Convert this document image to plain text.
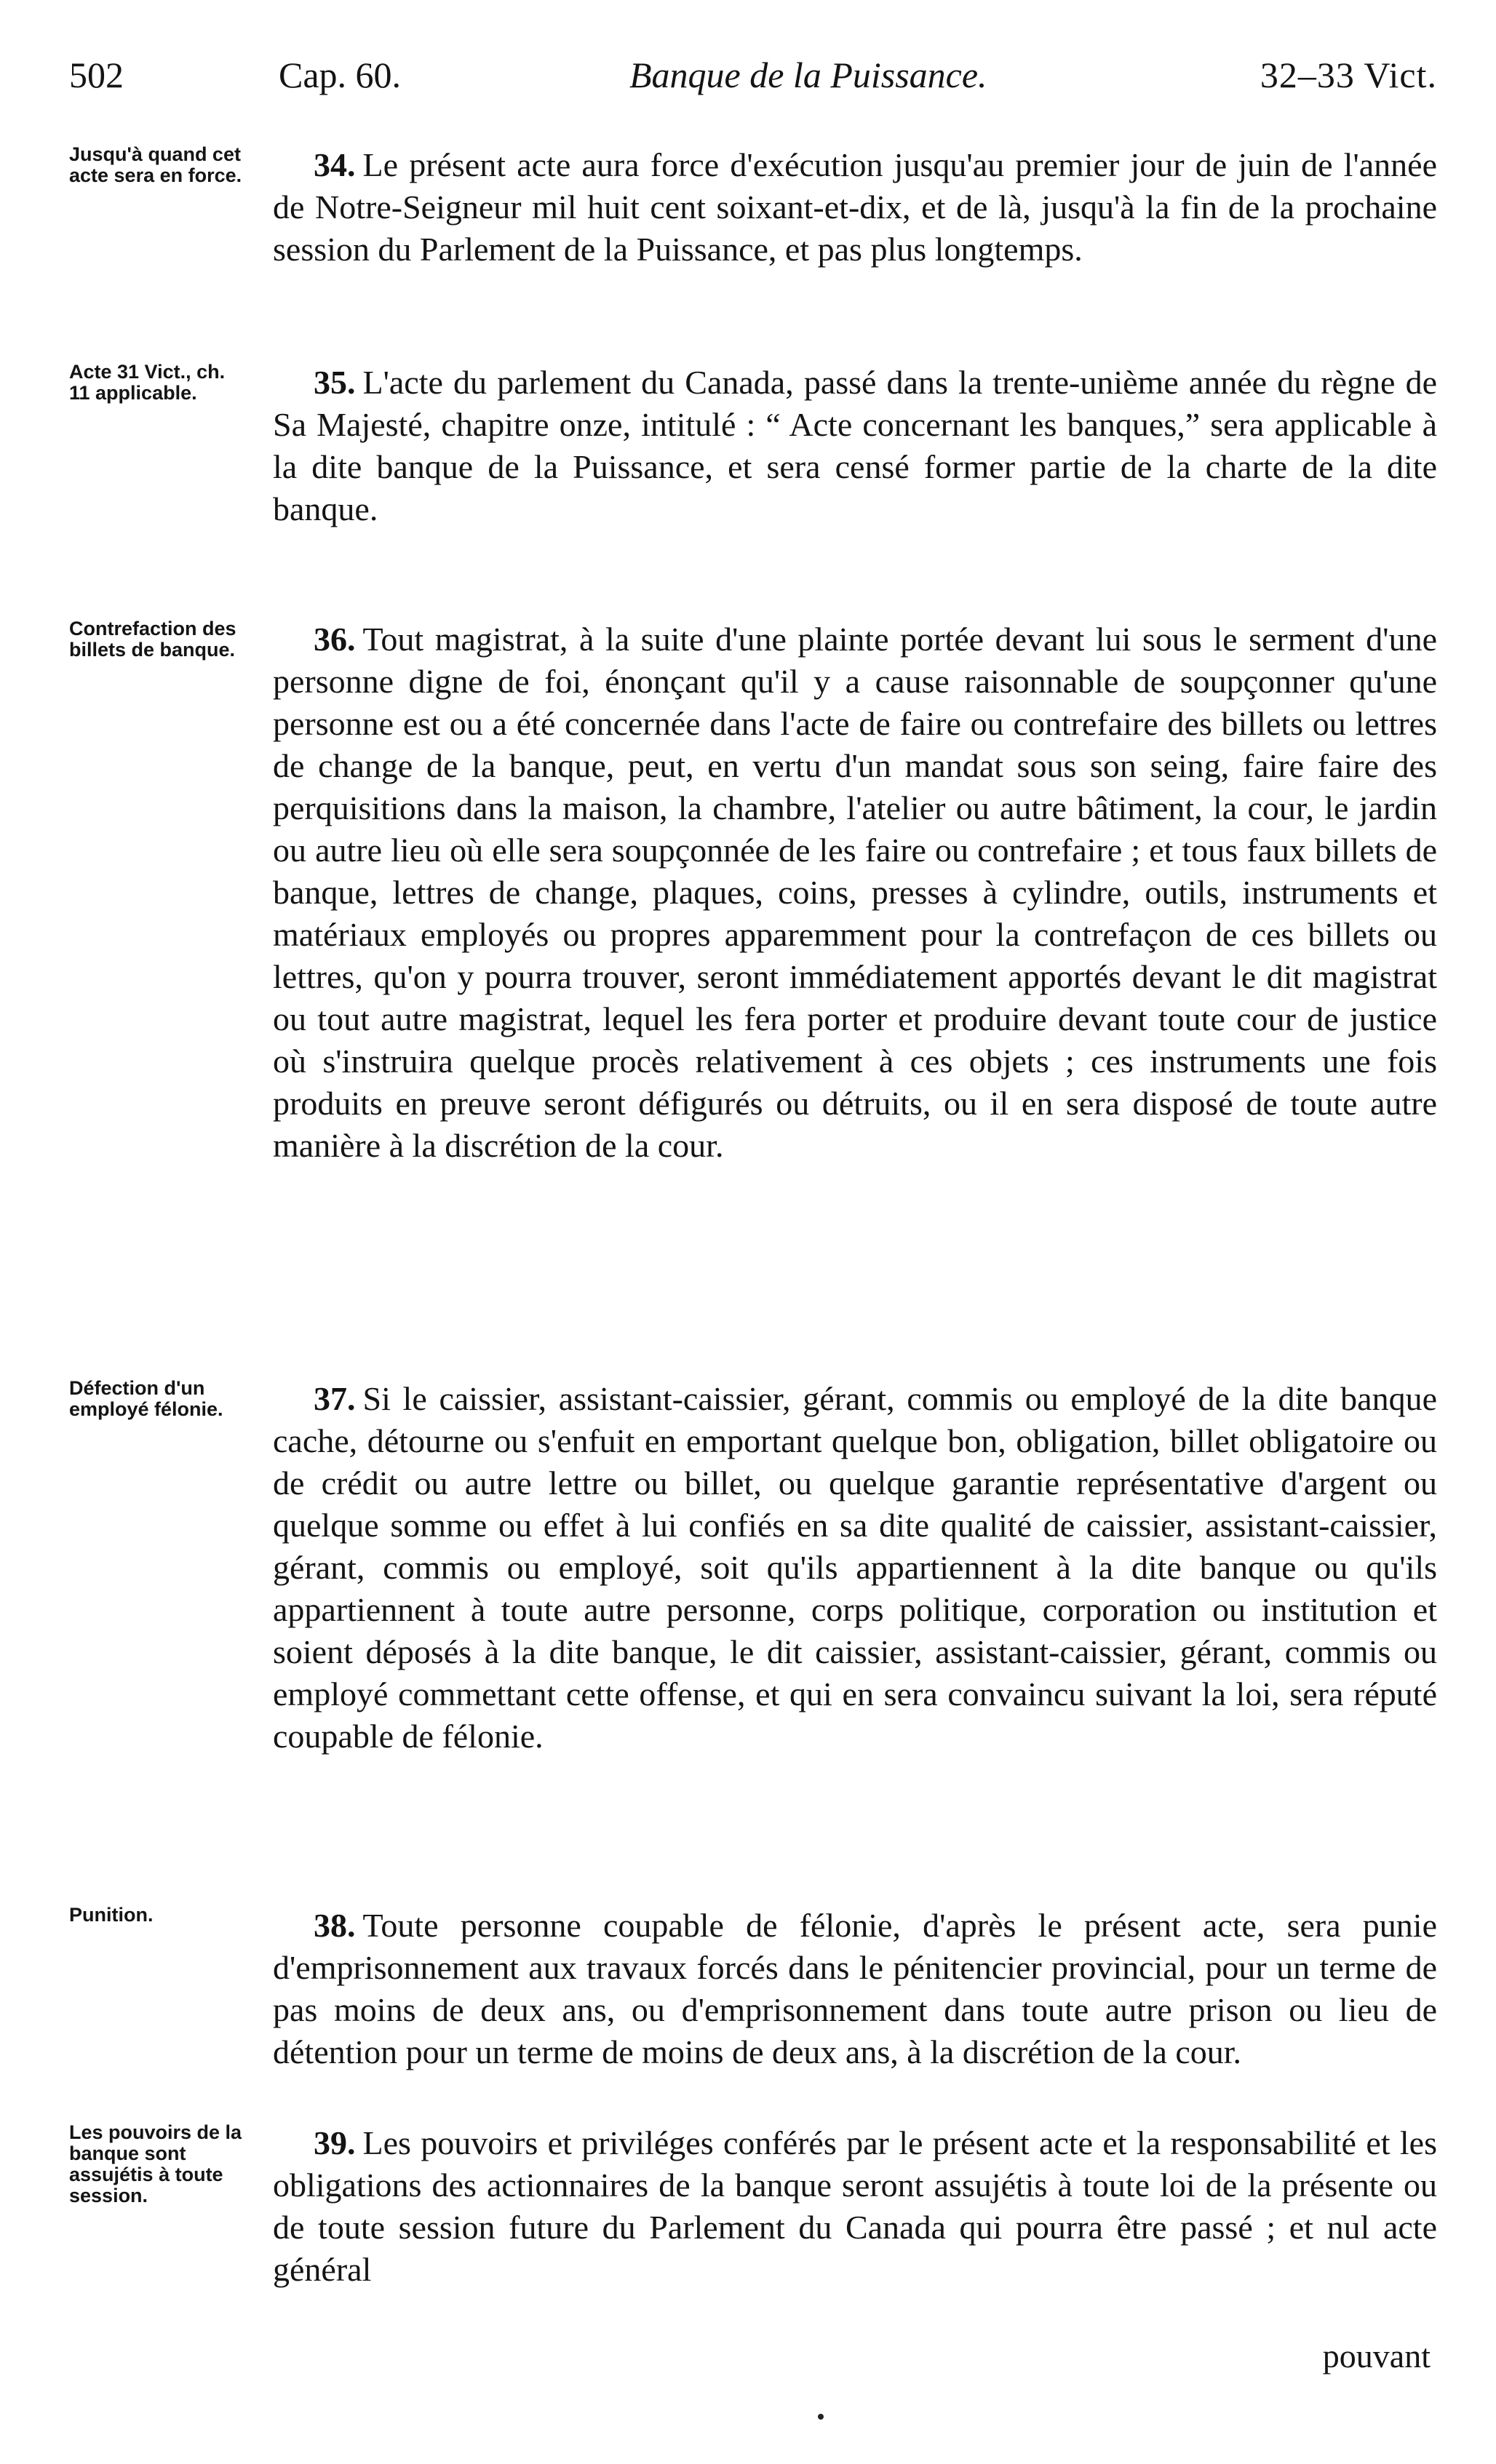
502	Cap. 60.	Banque de la Puissance.	32–33 Vict.
Jusqu'à quand cet acte sera en force.	34. Le présent acte aura force d'exécution jusqu'au premier jour de juin de l'année de Notre-Seigneur mil huit cent soixant-et-dix, et de là, jusqu'à la fin de la prochaine session du Parlement de la Puissance, et pas plus longtemps.
Acte 31 Vict., ch. 11 applicable.	35. L'acte du parlement du Canada, passé dans la trente-unième année du règne de Sa Majesté, chapitre onze, intitulé : “ Acte concernant les banques,” sera applicable à la dite banque de la Puissance, et sera censé former partie de la charte de la dite banque.
Contrefaction des billets de banque.	36. Tout magistrat, à la suite d'une plainte portée devant lui sous le serment d'une personne digne de foi, énonçant qu'il y a cause raisonnable de soupçonner qu'une personne est ou a été concernée dans l'acte de faire ou contrefaire des billets ou lettres de change de la banque, peut, en vertu d'un mandat sous son seing, faire faire des perquisitions dans la maison, la chambre, l'atelier ou autre bâtiment, la cour, le jardin ou autre lieu où elle sera soupçonnée de les faire ou contrefaire ; et tous faux billets de banque, lettres de change, plaques, coins, presses à cylindre, outils, instruments et matériaux employés ou propres apparemment pour la contrefaçon de ces billets ou lettres, qu'on y pourra trouver, seront immédiatement apportés devant le dit magistrat ou tout autre magistrat, lequel les fera porter et produire devant toute cour de justice où s'instruira quelque procès relativement à ces objets ; ces instruments une fois produits en preuve seront défigurés ou détruits, ou il en sera disposé de toute autre manière à la discrétion de la cour.
Défection d'un employé félonie.	37. Si le caissier, assistant-caissier, gérant, commis ou employé de la dite banque cache, détourne ou s'enfuit en emportant quelque bon, obligation, billet obligatoire ou de crédit ou autre lettre ou billet, ou quelque garantie représentative d'argent ou quelque somme ou effet à lui confiés en sa dite qualité de caissier, assistant-caissier, gérant, commis ou employé, soit qu'ils appartiennent à la dite banque ou qu'ils appartiennent à toute autre personne, corps politique, corporation ou institution et soient déposés à la dite banque, le dit caissier, assistant-caissier, gérant, commis ou employé commettant cette offense, et qui en sera convaincu suivant la loi, sera réputé coupable de félonie.
Punition.	38. Toute personne coupable de félonie, d'après le présent acte, sera punie d'emprisonnement aux travaux forcés dans le pénitencier provincial, pour un terme de pas moins de deux ans, ou d'emprisonnement dans toute autre prison ou lieu de détention pour un terme de moins de deux ans, à la discrétion de la cour.
Les pouvoirs de la banque sont assujétis à toute session.
39. Les pouvoirs et priviléges conférés par le présent acte et la responsabilité et les obligations des actionnaires de la banque seront assujétis à toute loi de la présente ou de toute session future du Parlement du Canada qui pourra être passé ; et nul acte général
pouvant
